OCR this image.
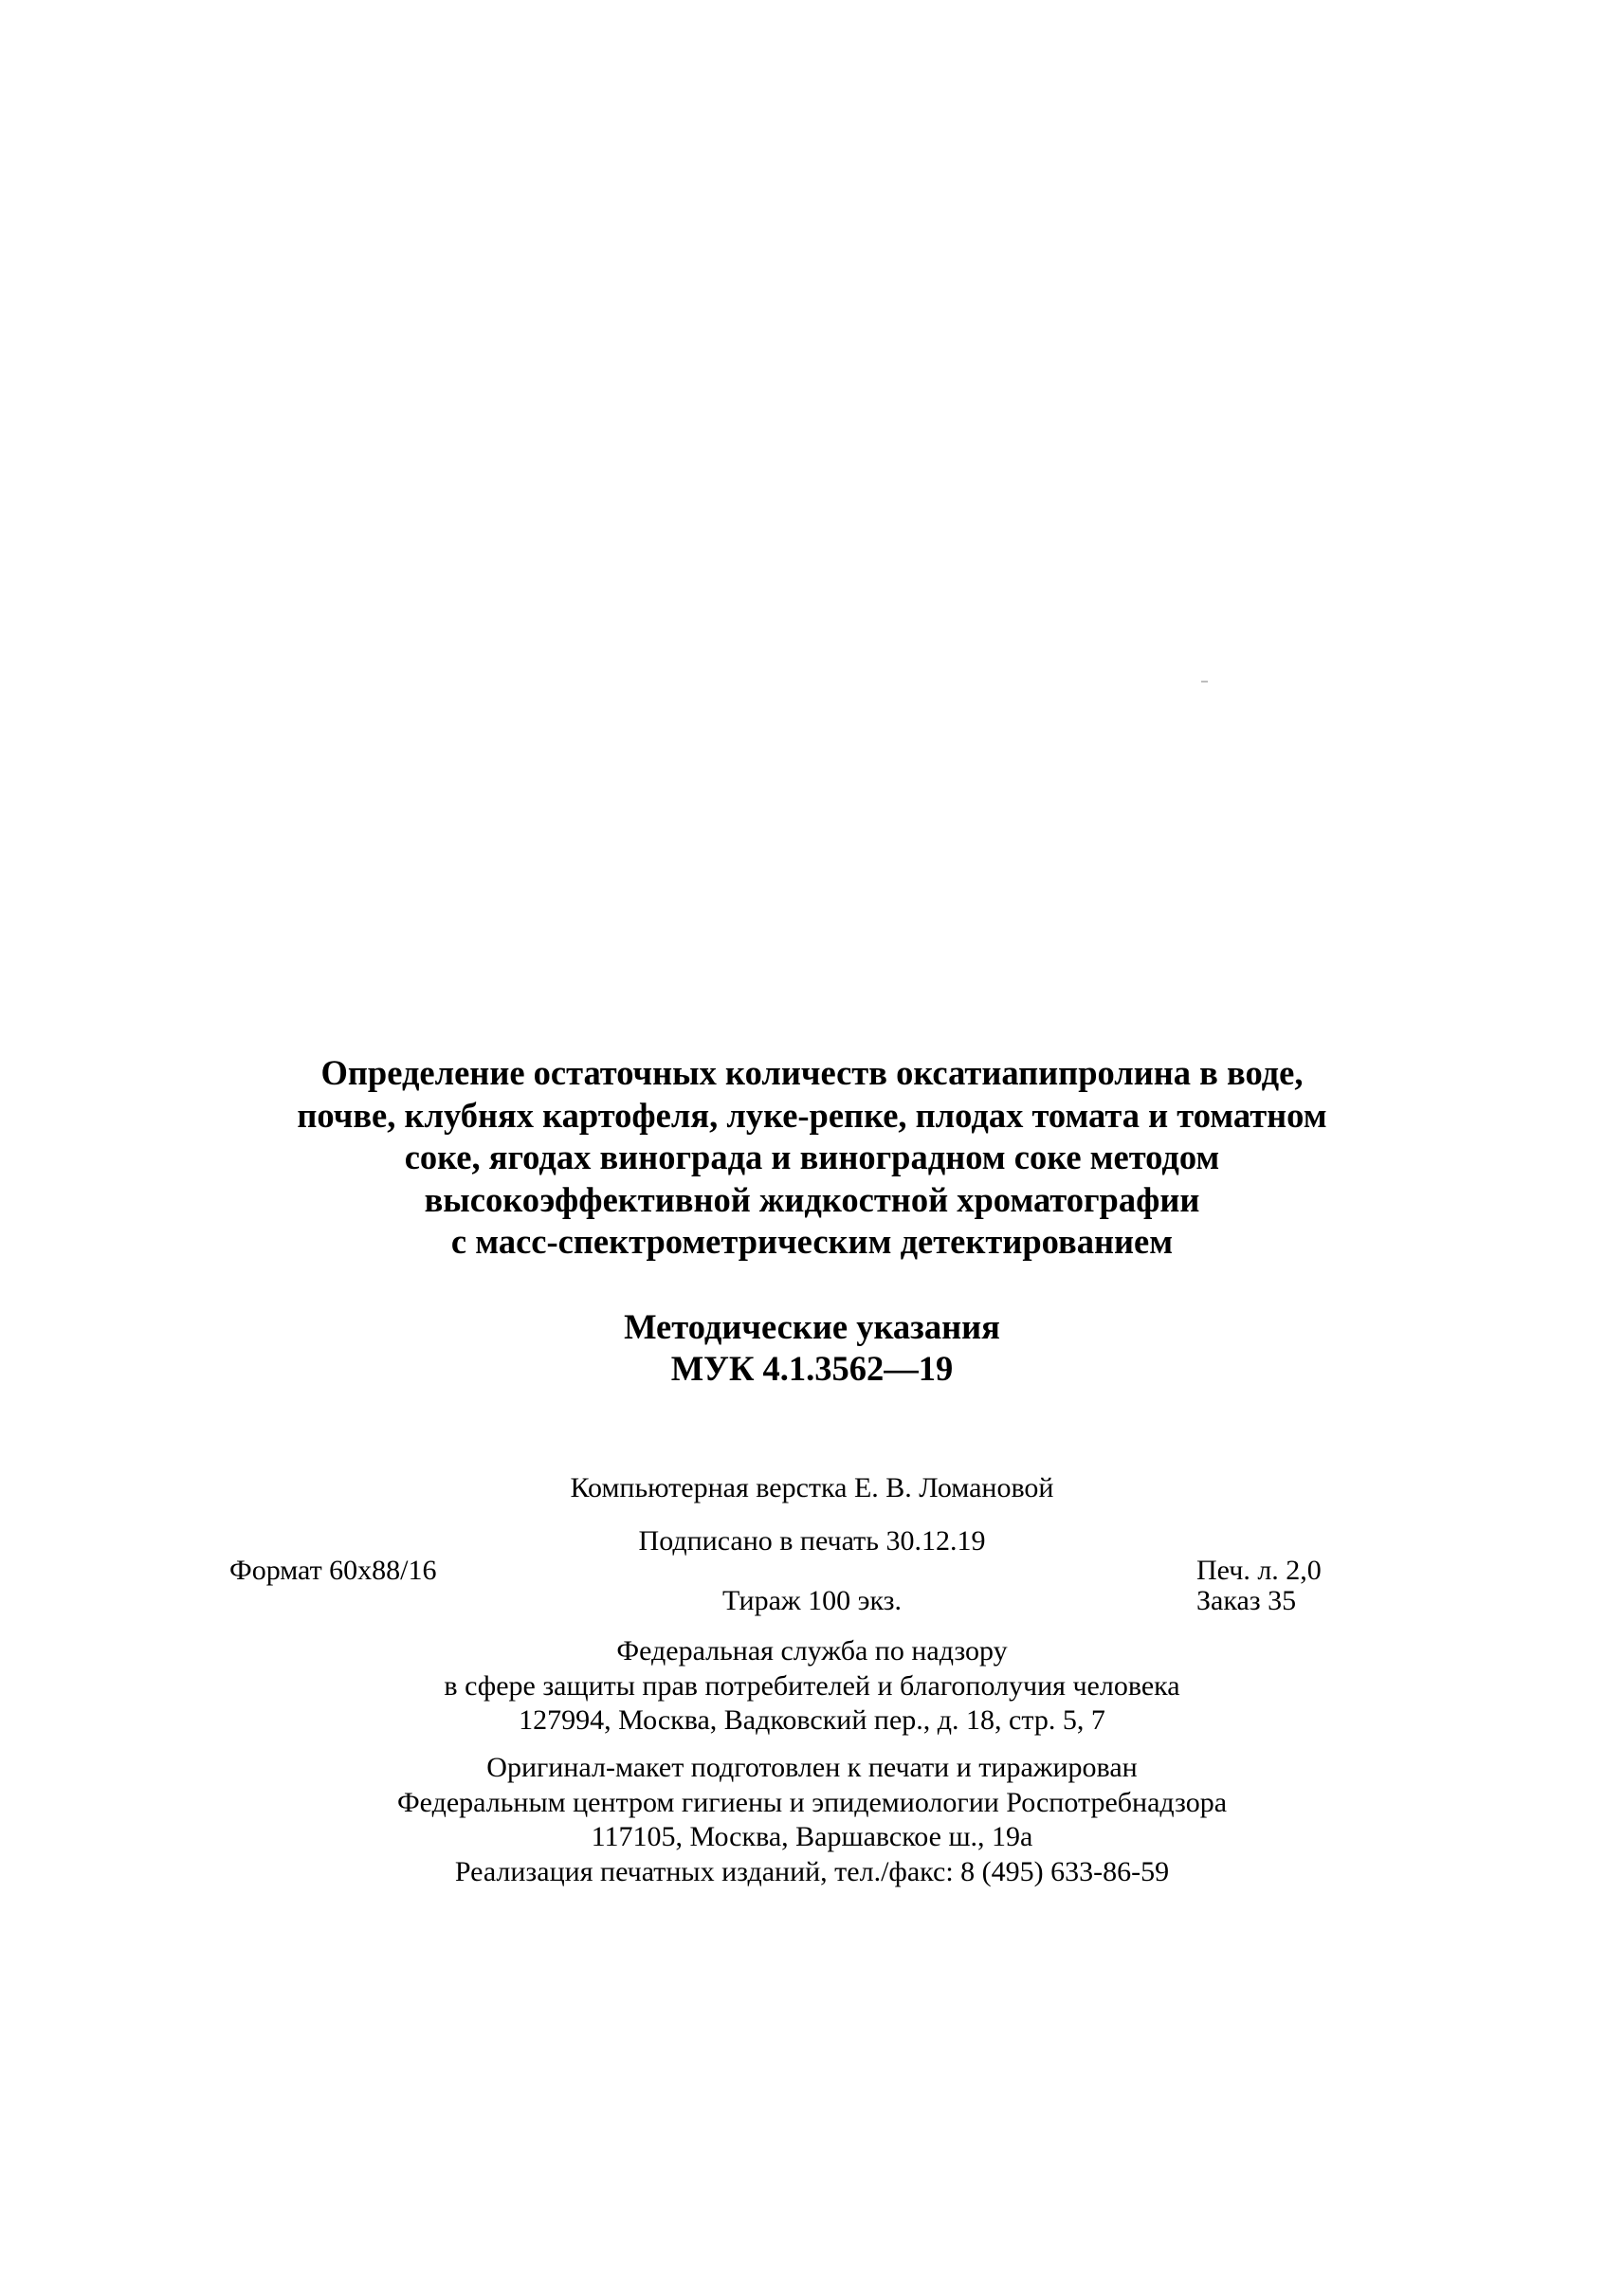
Определение остаточных количеств оксатиапипролина в воде,
почве, клубнях картофеля, луке-репке, плодах томата и томатном
соке, ягодах винограда и виноградном соке методом
высокоэффективной жидкостной хроматографии
с масс-спектрометрическим детектированием
Методические указания
МУК 4.1.3562—19
Компьютерная верстка Е. В. Ломановой
Подписано в печать 30.12.19
Формат 60х88/16	Печ. л. 2,0
Тираж 100 экз.	Заказ 35
Федеральная служба по надзору
в сфере защиты прав потребителей и благополучия человека
127994, Москва, Вадковский пер., д. 18, стр. 5, 7
Оригинал-макет подготовлен к печати и тиражирован
Федеральным центром гигиены и эпидемиологии Роспотребнадзора
117105, Москва, Варшавское ш., 19а
Реализация печатных изданий, тел./факс: 8 (495) 633-86-59
